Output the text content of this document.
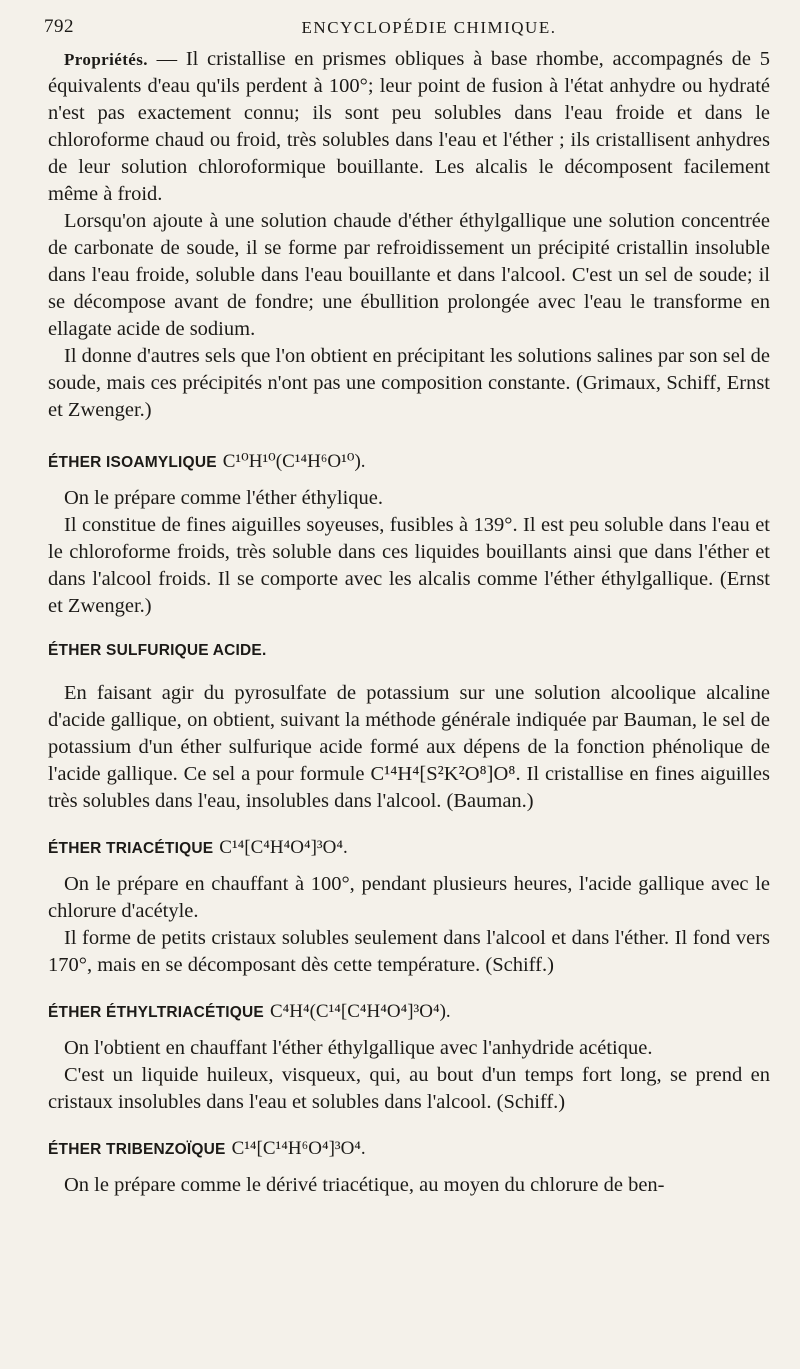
792	ENCYCLOPÉDIE CHIMIQUE.

Propriétés. — Il cristallise en prismes obliques à base rhombe, accompagnés de 5 équivalents d'eau qu'ils perdent à 100°; leur point de fusion à l'état anhydre ou hydraté n'est pas exactement connu; ils sont peu solubles dans l'eau froide et dans le chloroforme chaud ou froid, très solubles dans l'eau et l'éther ; ils cristallisent anhydres de leur solution chloroformique bouillante. Les alcalis le décomposent facilement même à froid.

Lorsqu'on ajoute à une solution chaude d'éther éthylgallique une solution concentrée de carbonate de soude, il se forme par refroidissement un précipité cristallin insoluble dans l'eau froide, soluble dans l'eau bouillante et dans l'alcool. C'est un sel de soude; il se décompose avant de fondre; une ébullition prolongée avec l'eau le transforme en ellagate acide de sodium.

Il donne d'autres sels que l'on obtient en précipitant les solutions salines par son sel de soude, mais ces précipités n'ont pas une composition constante. (Grimaux, Schiff, Ernst et Zwenger.)

ÉTHER ISOAMYLIQUE C¹⁰H¹⁰(C¹⁴H⁶O¹⁰).

On le prépare comme l'éther éthylique.

Il constitue de fines aiguilles soyeuses, fusibles à 139°. Il est peu soluble dans l'eau et le chloroforme froids, très soluble dans ces liquides bouillants ainsi que dans l'éther et dans l'alcool froids. Il se comporte avec les alcalis comme l'éther éthylgallique. (Ernst et Zwenger.)

ÉTHER SULFURIQUE ACIDE.

En faisant agir du pyrosulfate de potassium sur une solution alcoolique alcaline d'acide gallique, on obtient, suivant la méthode générale indiquée par Bauman, le sel de potassium d'un éther sulfurique acide formé aux dépens de la fonction phénolique de l'acide gallique. Ce sel a pour formule C¹⁴H⁴[S²K²O⁸]O⁸. Il cristallise en fines aiguilles très solubles dans l'eau, insolubles dans l'alcool. (Bauman.)

ÉTHER TRIACÉTIQUE C¹⁴[C⁴H⁴O⁴]³O⁴.

On le prépare en chauffant à 100°, pendant plusieurs heures, l'acide gallique avec le chlorure d'acétyle.

Il forme de petits cristaux solubles seulement dans l'alcool et dans l'éther. Il fond vers 170°, mais en se décomposant dès cette température. (Schiff.)

ÉTHER ÉTHYLTRIACÉTIQUE C⁴H⁴(C¹⁴[C⁴H⁴O⁴]³O⁴).

On l'obtient en chauffant l'éther éthylgallique avec l'anhydride acétique.

C'est un liquide huileux, visqueux, qui, au bout d'un temps fort long, se prend en cristaux insolubles dans l'eau et solubles dans l'alcool. (Schiff.)

ÉTHER TRIBENZOÏQUE C¹⁴[C¹⁴H⁶O⁴]³O⁴.

On le prépare comme le dérivé triacétique, au moyen du chlorure de ben-
